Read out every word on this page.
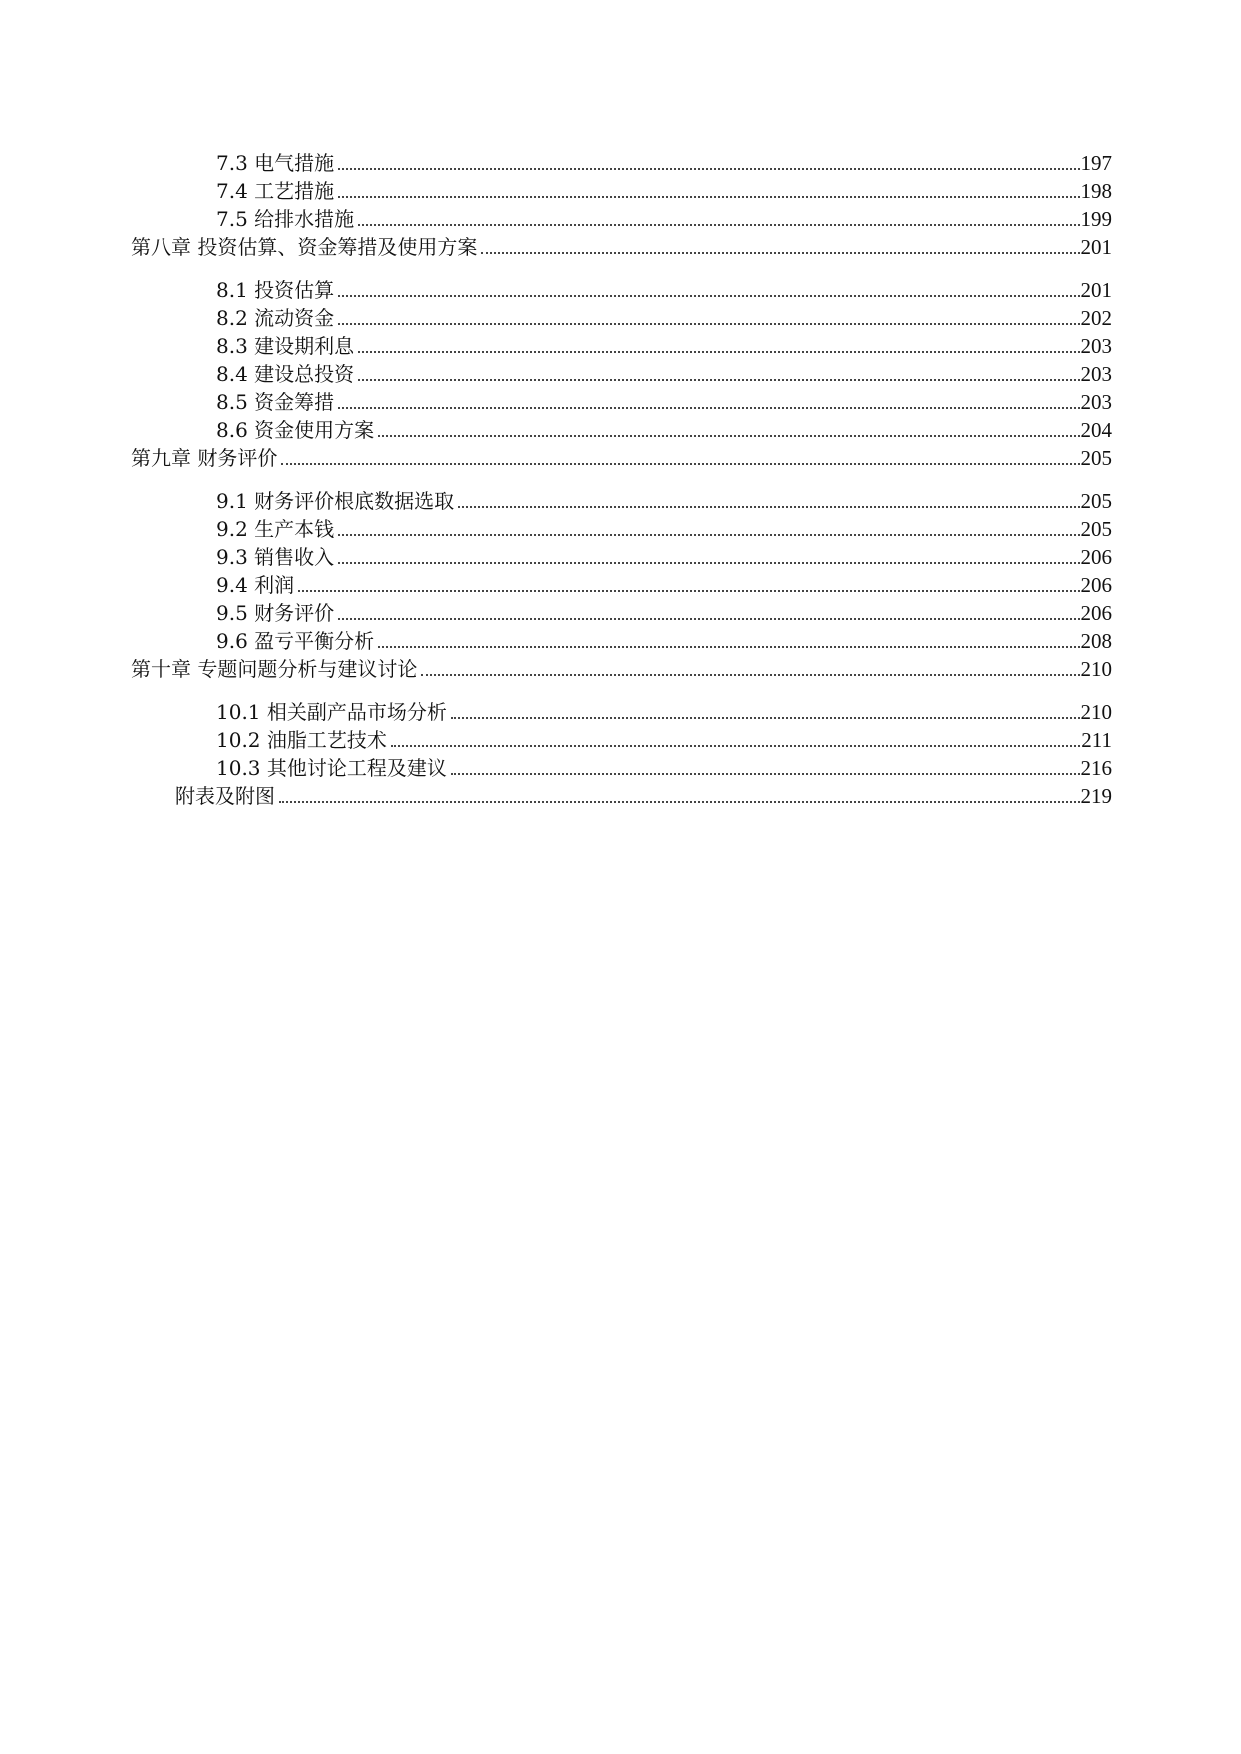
7.3 电气措施	197
7.4 工艺措施	198
7.5 给排水措施	199
第八章 投资估算、资金筹措及使用方案	201
8.1 投资估算	201
8.2 流动资金	202
8.3 建设期利息	203
8.4 建设总投资	203
8.5 资金筹措	203
8.6 资金使用方案	204
第九章 财务评价	205
9.1 财务评价根底数据选取	205
9.2 生产本钱	205
9.3 销售收入	206
9.4 利润	206
9.5 财务评价	206
9.6 盈亏平衡分析	208
第十章 专题问题分析与建议讨论	210
10.1 相关副产品市场分析	210
10.2 油脂工艺技术	211
10.3 其他讨论工程及建议	216
附表及附图	219
